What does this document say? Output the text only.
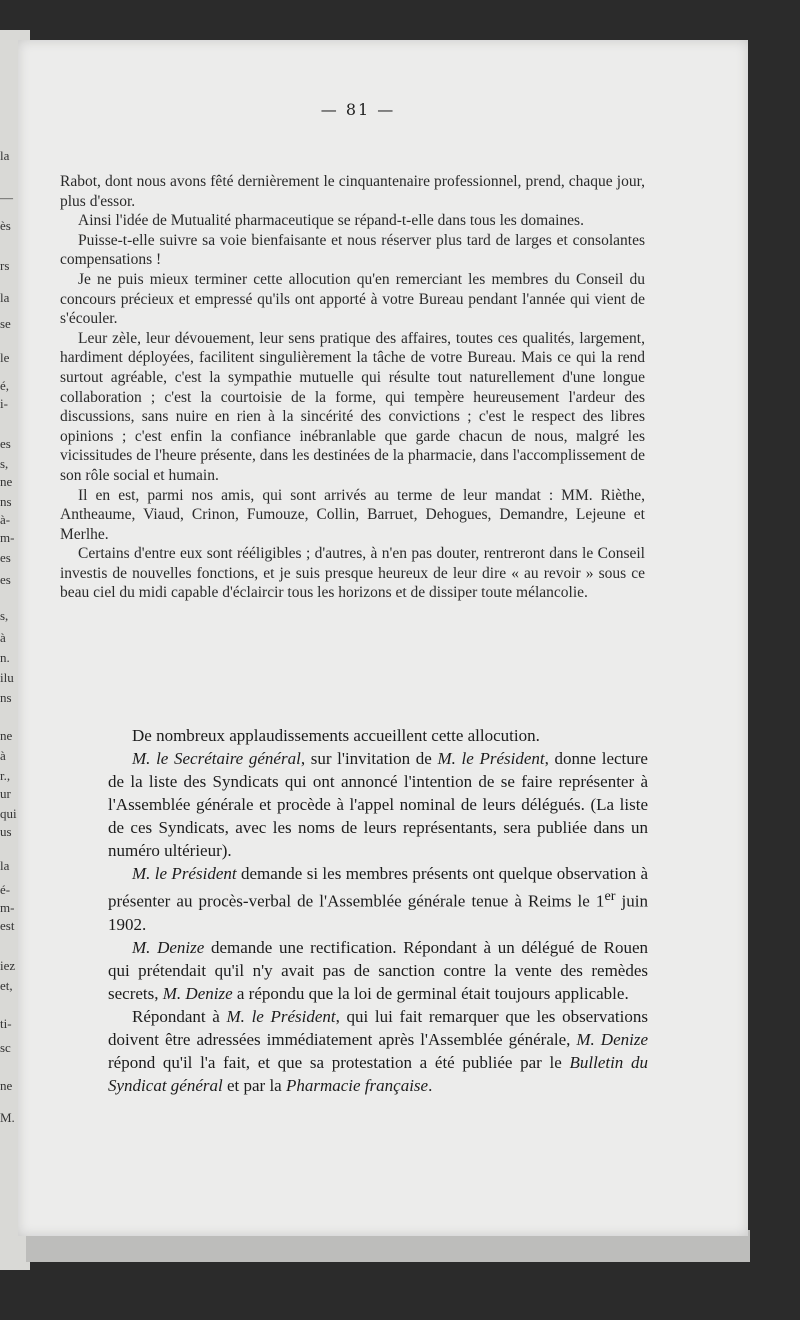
la
—
ès
rs
la
se
le
é,
i-
es
s,
ne
ns
à-
m-
es
es
s,
à
n.
ilu
ns
ne
à
r.,
ur
qui
us
la
é-
m-
est
iez
et,
ti-
sc
ne
M.
— 81 —

Rabot, dont nous avons fêté dernièrement le cinquantenaire professionnel, prend, chaque jour, plus d'essor.

Ainsi l'idée de Mutualité pharmaceutique se répand-t-elle dans tous les domaines.

Puisse-t-elle suivre sa voie bienfaisante et nous réserver plus tard de larges et consolantes compensations !

Je ne puis mieux terminer cette allocution qu'en remerciant les membres du Conseil du concours précieux et empressé qu'ils ont apporté à votre Bureau pendant l'année qui vient de s'écouler.

Leur zèle, leur dévouement, leur sens pratique des affaires, toutes ces qualités, largement, hardiment déployées, facilitent singulièrement la tâche de votre Bureau. Mais ce qui la rend surtout agréable, c'est la sympathie mutuelle qui résulte tout naturellement d'une longue collaboration ; c'est la courtoisie de la forme, qui tempère heureusement l'ardeur des discussions, sans nuire en rien à la sincérité des convictions ; c'est le respect des libres opinions ; c'est enfin la confiance inébranlable que garde chacun de nous, malgré les vicissitudes de l'heure présente, dans les destinées de la pharmacie, dans l'accomplissement de son rôle social et humain.

Il en est, parmi nos amis, qui sont arrivés au terme de leur mandat : MM. Rièthe, Antheaume, Viaud, Crinon, Fumouze, Collin, Barruet, Dehogues, Demandre, Lejeune et Merlhe.

Certains d'entre eux sont rééligibles ; d'autres, à n'en pas douter, rentreront dans le Conseil investis de nouvelles fonctions, et je suis presque heureux de leur dire « au revoir » sous ce beau ciel du midi capable d'éclaircir tous les horizons et de dissiper toute mélancolie.

De nombreux applaudissements accueillent cette allocution.

M. le Secrétaire général, sur l'invitation de M. le Président, donne lecture de la liste des Syndicats qui ont annoncé l'intention de se faire représenter à l'Assemblée générale et procède à l'appel nominal de leurs délégués. (La liste de ces Syndicats, avec les noms de leurs représentants, sera publiée dans un numéro ultérieur).

M. le Président demande si les membres présents ont quelque observation à présenter au procès-verbal de l'Assemblée générale tenue à Reims le 1er juin 1902.

M. Denize demande une rectification. Répondant à un délégué de Rouen qui prétendait qu'il n'y avait pas de sanction contre la vente des remèdes secrets, M. Denize a répondu que la loi de germinal était toujours applicable.

Répondant à M. le Président, qui lui fait remarquer que les observations doivent être adressées immédiatement après l'Assemblée générale, M. Denize répond qu'il l'a fait, et que sa protestation a été publiée par le Bulletin du Syndicat général et par la Pharmacie française.
